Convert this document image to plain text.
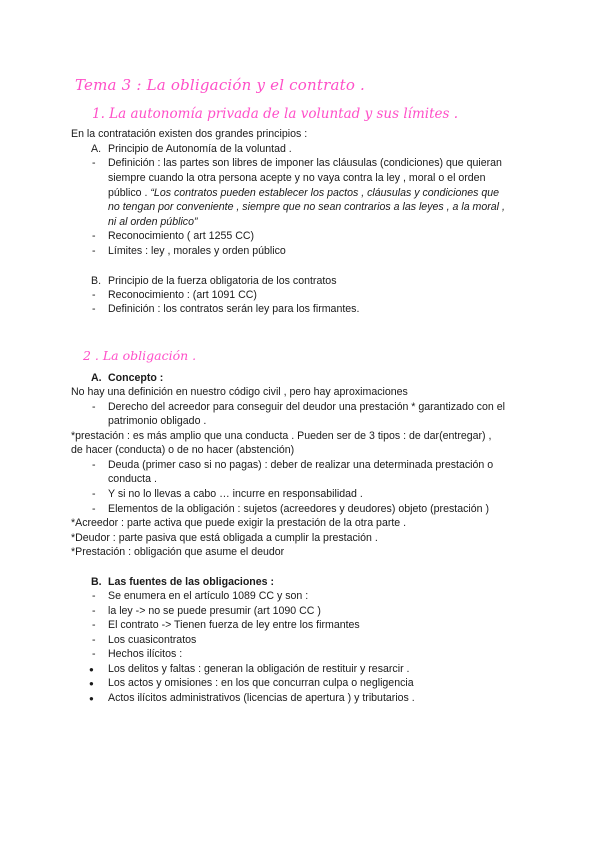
Tema 3 : La obligación y el contrato .
1. La autonomía privada de la voluntad y sus límites .
En la contratación existen dos grandes principios :
A. Principio de Autonomía de la voluntad .
- Definición : las partes son libres de imponer las cláusulas (condiciones) que quieran
siempre cuando la otra persona acepte y no vaya contra la ley , moral o el orden
público . “Los contratos pueden establecer los pactos , cláusulas y condiciones que
no tengan por conveniente , siempre que no sean contrarios a las leyes , a la moral ,
ni al orden público”
- Reconocimiento ( art 1255 CC)
- Límites : ley , morales y orden público
B. Principio de la fuerza obligatoria de los contratos
- Reconocimiento : (art 1091 CC)
- Definición : los contratos serán ley para los firmantes.
2 . La obligación .
A. Concepto :
No hay una definición en nuestro código civil , pero hay aproximaciones
- Derecho del acreedor para conseguir del deudor una prestación * garantizado con el
patrimonio obligado .
*prestación : es más amplio que una conducta . Pueden ser de 3 tipos : de dar(entregar) ,
de hacer (conducta) o de no hacer (abstención)
- Deuda (primer caso si no pagas) : deber de realizar una determinada prestación o
conducta .
- Y si no lo llevas a cabo … incurre en responsabilidad .
- Elementos de la obligación : sujetos (acreedores y deudores) objeto (prestación )
*Acreedor : parte activa que puede exigir la prestación de la otra parte .
*Deudor : parte pasiva que está obligada a cumplir la prestación .
*Prestación : obligación que asume el deudor
B. Las fuentes de las obligaciones :
- Se enumera en el artículo 1089 CC y son :
- la ley -> no se puede presumir (art 1090 CC )
- El contrato -> Tienen fuerza de ley entre los firmantes
- Los cuasicontratos
- Hechos ilícitos :
● Los delitos y faltas : generan la obligación de restituir y resarcir .
● Los actos y omisiones : en los que concurran culpa o negligencia
● Actos ilícitos administrativos (licencias de apertura ) y tributarios .
